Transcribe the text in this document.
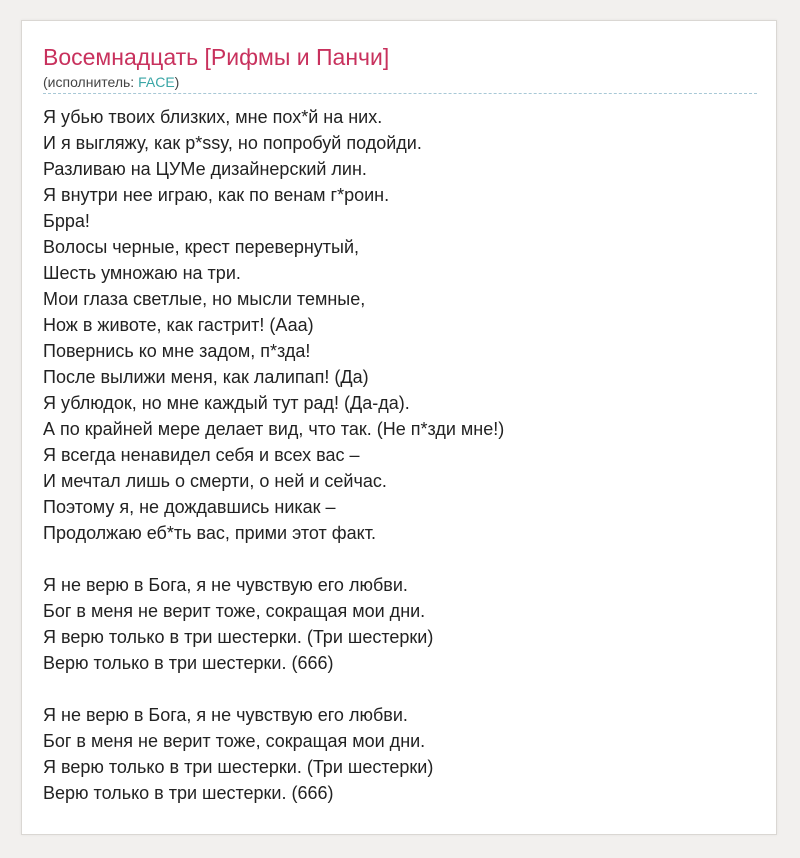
Восемнадцать [Рифмы и Панчи]
(исполнитель: FACE)
Я убью твоих близких, мне пох*й на них.
И я выгляжу, как p*ssy, но попробуй подойди.
Разливаю на ЦУМе дизайнерский лин.
Я внутри нее играю, как по венам г*роин.
Брра!
Волосы черные, крест перевернутый,
Шесть умножаю на три.
Мои глаза светлые, но мысли темные,
Нож в животе, как гастрит! (Ааа)
Повернись ко мне задом, п*зда!
После вылижи меня, как лалипап! (Да)
Я ублюдок, но мне каждый тут рад! (Да-да).
А по крайней мере делает вид, что так. (Не п*зди мне!)
Я всегда ненавидел себя и всех вас –
И мечтал лишь о смерти, о ней и сейчас.
Поэтому я, не дождавшись никак –
Продолжаю еб*ть вас, прими этот факт.
Я не верю в Бога, я не чувствую его любви.
Бог в меня не верит тоже, сокращая мои дни.
Я верю только в три шестерки. (Три шестерки)
Верю только в три шестерки. (666)
Я не верю в Бога, я не чувствую его любви.
Бог в меня не верит тоже, сокращая мои дни.
Я верю только в три шестерки. (Три шестерки)
Верю только в три шестерки. (666)
